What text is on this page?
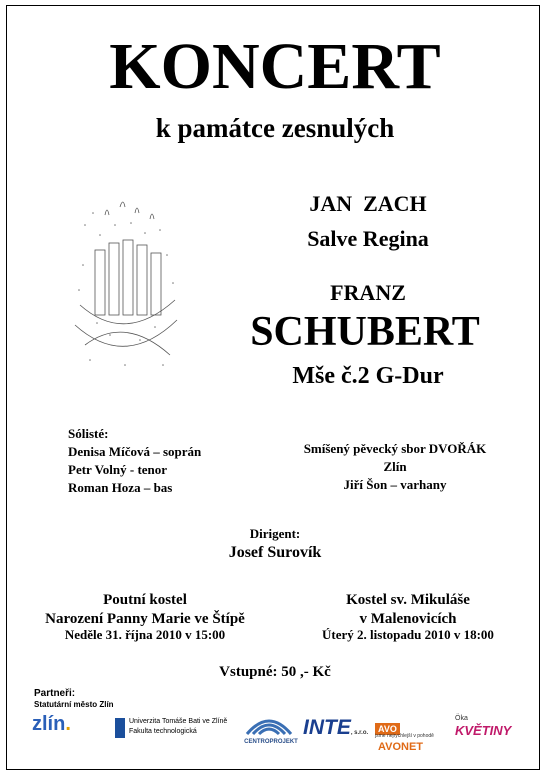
KONCERT
k památce zesnulých
JAN  ZACH
Salve Regina
FRANZ
SCHUBERT
Mše č.2 G-Dur
Sólisté:
Denisa Míčová – soprán
Petr Volný - tenor
Roman Hoza – bas
Smíšený pěvecký sbor DVOŘÁK
Zlín
Jiří Šon – varhany
Dirigent:
Josef Surovík
Poutní kostel
Narození Panny Marie ve Štípě
Neděle 31. října 2010 v 15:00
Kostel sv. Mikuláše
v Malenovicích
Úterý 2. listopadu 2010 v 18:00
Vstupné: 50 ,- Kč
Partneři:
Statutární město Zlín
zlín.	Univerzita Tomáše Bati ve Zlíně
Fakulta technologická
CENTROPROJEKT
INTE, s.r.o.	AVOAVONET
jsme nejrychlejší v pohodě
Öka
KVĚTINY
